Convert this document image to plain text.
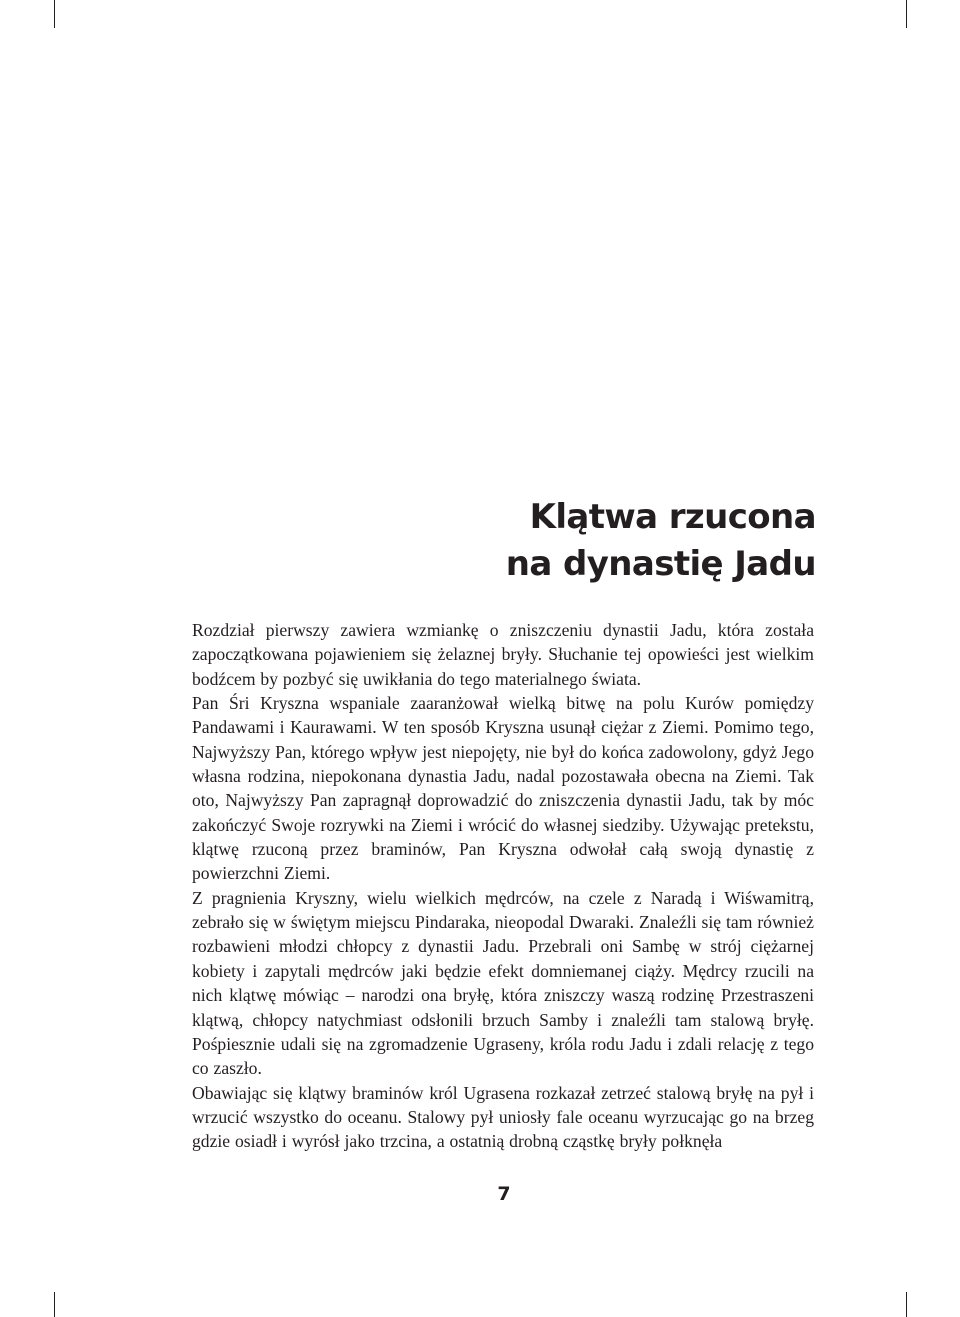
Klątwa rzucona
na dynastię Jadu

Rozdział pierwszy zawiera wzmiankę o zniszczeniu dynastii Jadu, która została zapoczątkowana pojawieniem się żelaznej bryły. Słuchanie tej opowieści jest wielkim bodźcem by pozbyć się uwikłania do tego materialnego świata.

Pan Śri Kryszna wspaniale zaaranżował wielką bitwę na polu Kurów pomiędzy Pandawami i Kaurawami. W ten sposób Kryszna usunął ciężar z Ziemi. Pomimo tego, Najwyższy Pan, którego wpływ jest niepojęty, nie był do końca zadowolony, gdyż Jego własna rodzina, niepokonana dynastia Jadu, nadal pozostawała obecna na Ziemi. Tak oto, Najwyższy Pan zapragnął doprowadzić do zniszczenia dynastii Jadu, tak by móc zakończyć Swoje rozrywki na Ziemi i wrócić do własnej siedziby. Używając pretekstu, klątwę rzuconą przez braminów, Pan Kryszna odwołał całą swoją dynastię z powierzchni Ziemi.

Z pragnienia Kryszny, wielu wielkich mędrców, na czele z Naradą i Wiśwamitrą, zebrało się w świętym miejscu Pindaraka, nieopodal Dwaraki. Znaleźli się tam również rozbawieni młodzi chłopcy z dynastii Jadu. Przebrali oni Sambę w strój ciężarnej kobiety i zapytali mędrców jaki będzie efekt domniemanej ciąży. Mędrcy rzucili na nich klątwę mówiąc – narodzi ona bryłę, która zniszczy waszą rodzinę Przestraszeni klątwą, chłopcy natychmiast odsłonili brzuch Samby i znaleźli tam stalową bryłę. Pośpiesznie udali się na zgromadzenie Ugraseny, króla rodu Jadu i zdali relację z tego co zaszło.

Obawiając się klątwy braminów król Ugrasena rozkazał zetrzeć stalową bryłę na pył i wrzucić wszystko do oceanu. Stalowy pył uniosły fale oceanu wyrzucając go na brzeg gdzie osiadł i wyrósł jako trzcina, a ostatnią drobną cząstkę bryły połknęła

7
